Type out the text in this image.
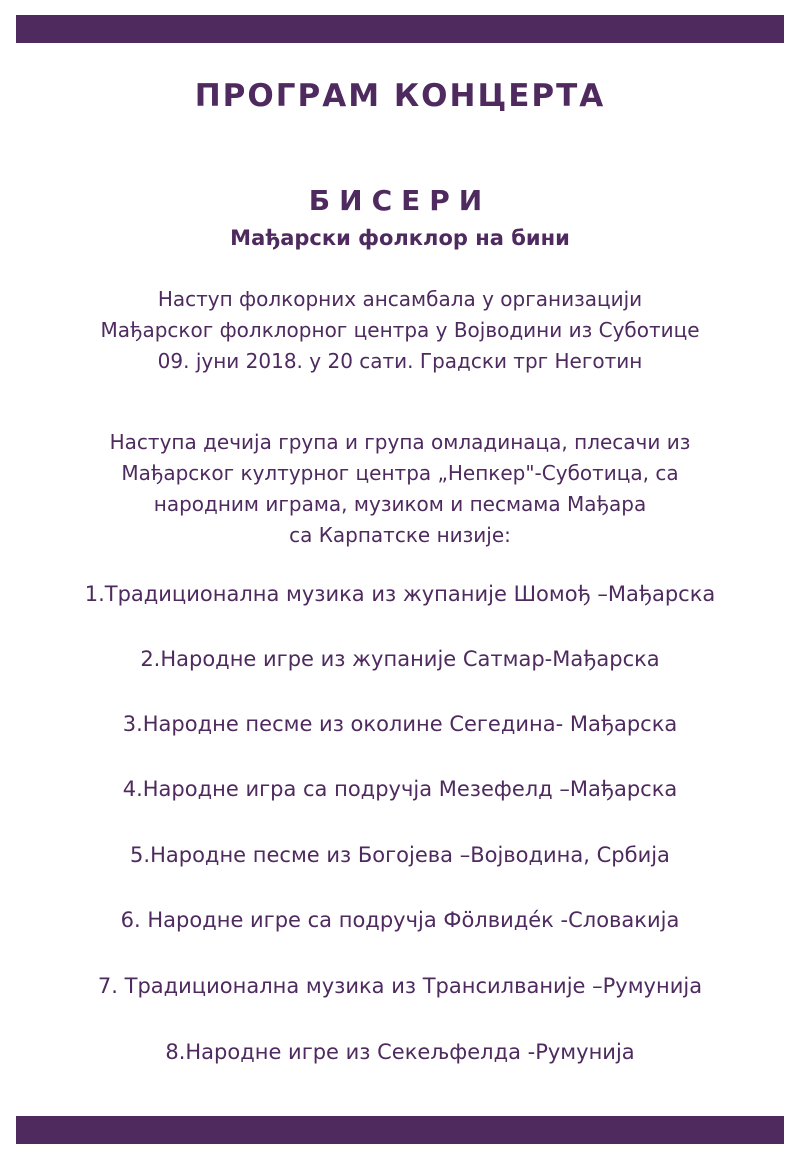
ПРОГРАМ КОНЦЕРТА
БИСЕРИ
Мађарски фолклор на бини
Наступ фолкорних ансамбала у организацији
Мађарског фолклорног центра у Војводини из Суботице
09. јуни 2018. у 20 сати. Градски трг Неготин
Наступа дечија група и група омладинаца, плесачи из
Мађарског културног центра „Непкер"-Суботица, са
народним играма, музиком и песмама Мађара
са Карпатске низије:
1.Традиционална музика из жупаније Шомођ –Мађарска
2.Народне игре из жупаније Сатмар-Мађарска
3.Народне песме из околине Сегедина- Мађарска
4.Народне игра са подручја Мезефелд –Мађарска
5.Народне песме из Богојева –Војводина, Србија
6. Народне игре са подручја Фӧлвидéк -Словакија
7. Традиционална музика из Трансилваније –Румунија
8.Народне игре из Секељфелда -Румунија
